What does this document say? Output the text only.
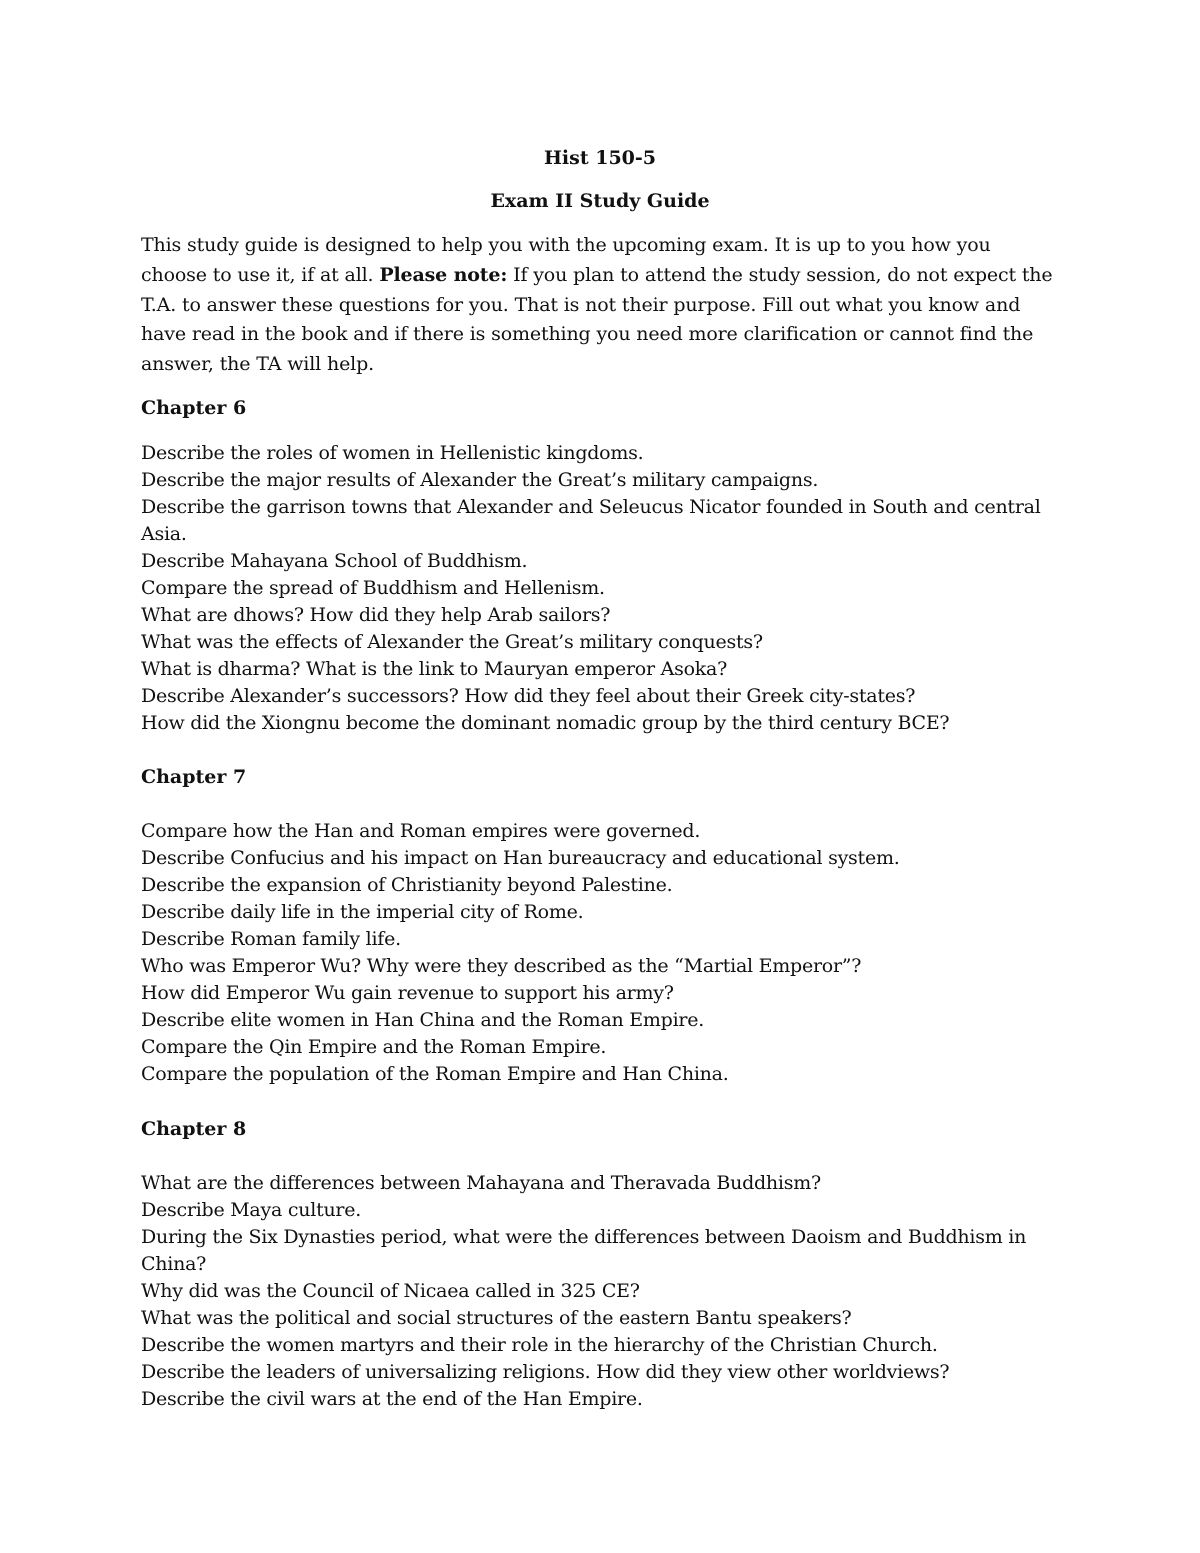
Hist 150-5

Exam II Study Guide

This study guide is designed to help you with the upcoming exam. It is up to you how you choose to use it, if at all. Please note: If you plan to attend the study session, do not expect the T.A. to answer these questions for you. That is not their purpose. Fill out what you know and have read in the book and if there is something you need more clarification or cannot find the answer, the TA will help.

Chapter 6

Describe the roles of women in Hellenistic kingdoms.
Describe the major results of Alexander the Great’s military campaigns.
Describe the garrison towns that Alexander and Seleucus Nicator founded in South and central Asia.
Describe Mahayana School of Buddhism.
Compare the spread of Buddhism and Hellenism.
What are dhows? How did they help Arab sailors?
What was the effects of Alexander the Great’s military conquests?
What is dharma? What is the link to Mauryan emperor Asoka?
Describe Alexander’s successors? How did they feel about their Greek city-states?
How did the Xiongnu become the dominant nomadic group by the third century BCE?

Chapter 7

Compare how the Han and Roman empires were governed.
Describe Confucius and his impact on Han bureaucracy and educational system.
Describe the expansion of Christianity beyond Palestine.
Describe daily life in the imperial city of Rome.
Describe Roman family life.
Who was Emperor Wu? Why were they described as the “Martial Emperor”?
How did Emperor Wu gain revenue to support his army?
Describe elite women in Han China and the Roman Empire.
Compare the Qin Empire and the Roman Empire.
Compare the population of the Roman Empire and Han China.

Chapter 8

What are the differences between Mahayana and Theravada Buddhism?
Describe Maya culture.
During the Six Dynasties period, what were the differences between Daoism and Buddhism in China?
Why did was the Council of Nicaea called in 325 CE?
What was the political and social structures of the eastern Bantu speakers?
Describe the women martyrs and their role in the hierarchy of the Christian Church.
Describe the leaders of universalizing religions. How did they view other worldviews?
Describe the civil wars at the end of the Han Empire.
